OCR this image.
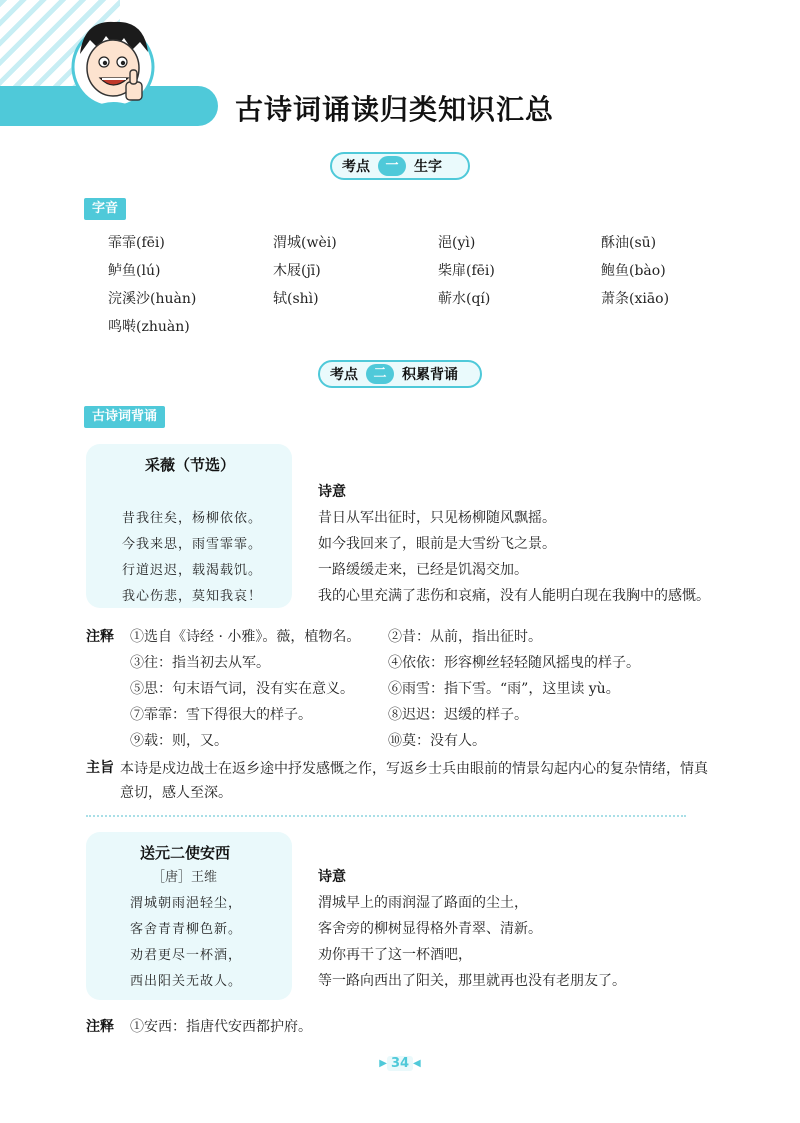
古诗词诵读归类知识汇总
考点	一	生字
字音
霏霏(fēi)	渭城(wèi)	浥(yì)	酥油(sū)
鲈鱼(lú)	木屐(jī)	柴扉(fēi)	鲍鱼(bào)
浣溪沙(huàn)	轼(shì)	蕲水(qí)	萧条(xiāo)
鸣啭(zhuàn)
考点	二	积累背诵
古诗词背诵
采薇（节选）
昔我往矣，杨柳依依。
今我来思，雨雪霏霏。
行道迟迟，载渴载饥。
我心伤悲，莫知我哀！
诗意
昔日从军出征时，只见杨柳随风飘摇。
如今我回来了，眼前是大雪纷飞之景。
一路缓缓走来，已经是饥渴交加。
我的心里充满了悲伤和哀痛，没有人能明白现在我胸中的感慨。
注释 ①选自《诗经 · 小雅》。薇，植物名。 ②昔：从前，指出征时。
③往：指当初去从军。	④依依：形容柳丝轻轻随风摇曳的样子。
⑤思：句末语气词，没有实在意义。 ⑥雨雪：指下雪。“雨”，这里读 yù。
⑦霏霏：雪下得很大的样子。	⑧迟迟：迟缓的样子。
⑨载：则，又。	⑩莫：没有人。
主旨 本诗是戍边战士在返乡途中抒发感慨之作，写返乡士兵由眼前的情景勾起内心的复杂情绪，情真意切，感人至深。
送元二使安西
［唐］王维
渭城朝雨浥轻尘，
客舍青青柳色新。
劝君更尽一杯酒，
西出阳关无故人。
诗意
渭城早上的雨润湿了路面的尘土，
客舍旁的柳树显得格外青翠、清新。
劝你再干了这一杯酒吧，
等一路向西出了阳关，那里就再也没有老朋友了。
注释 ①安西：指唐代安西都护府。
▶ 34 ◀
